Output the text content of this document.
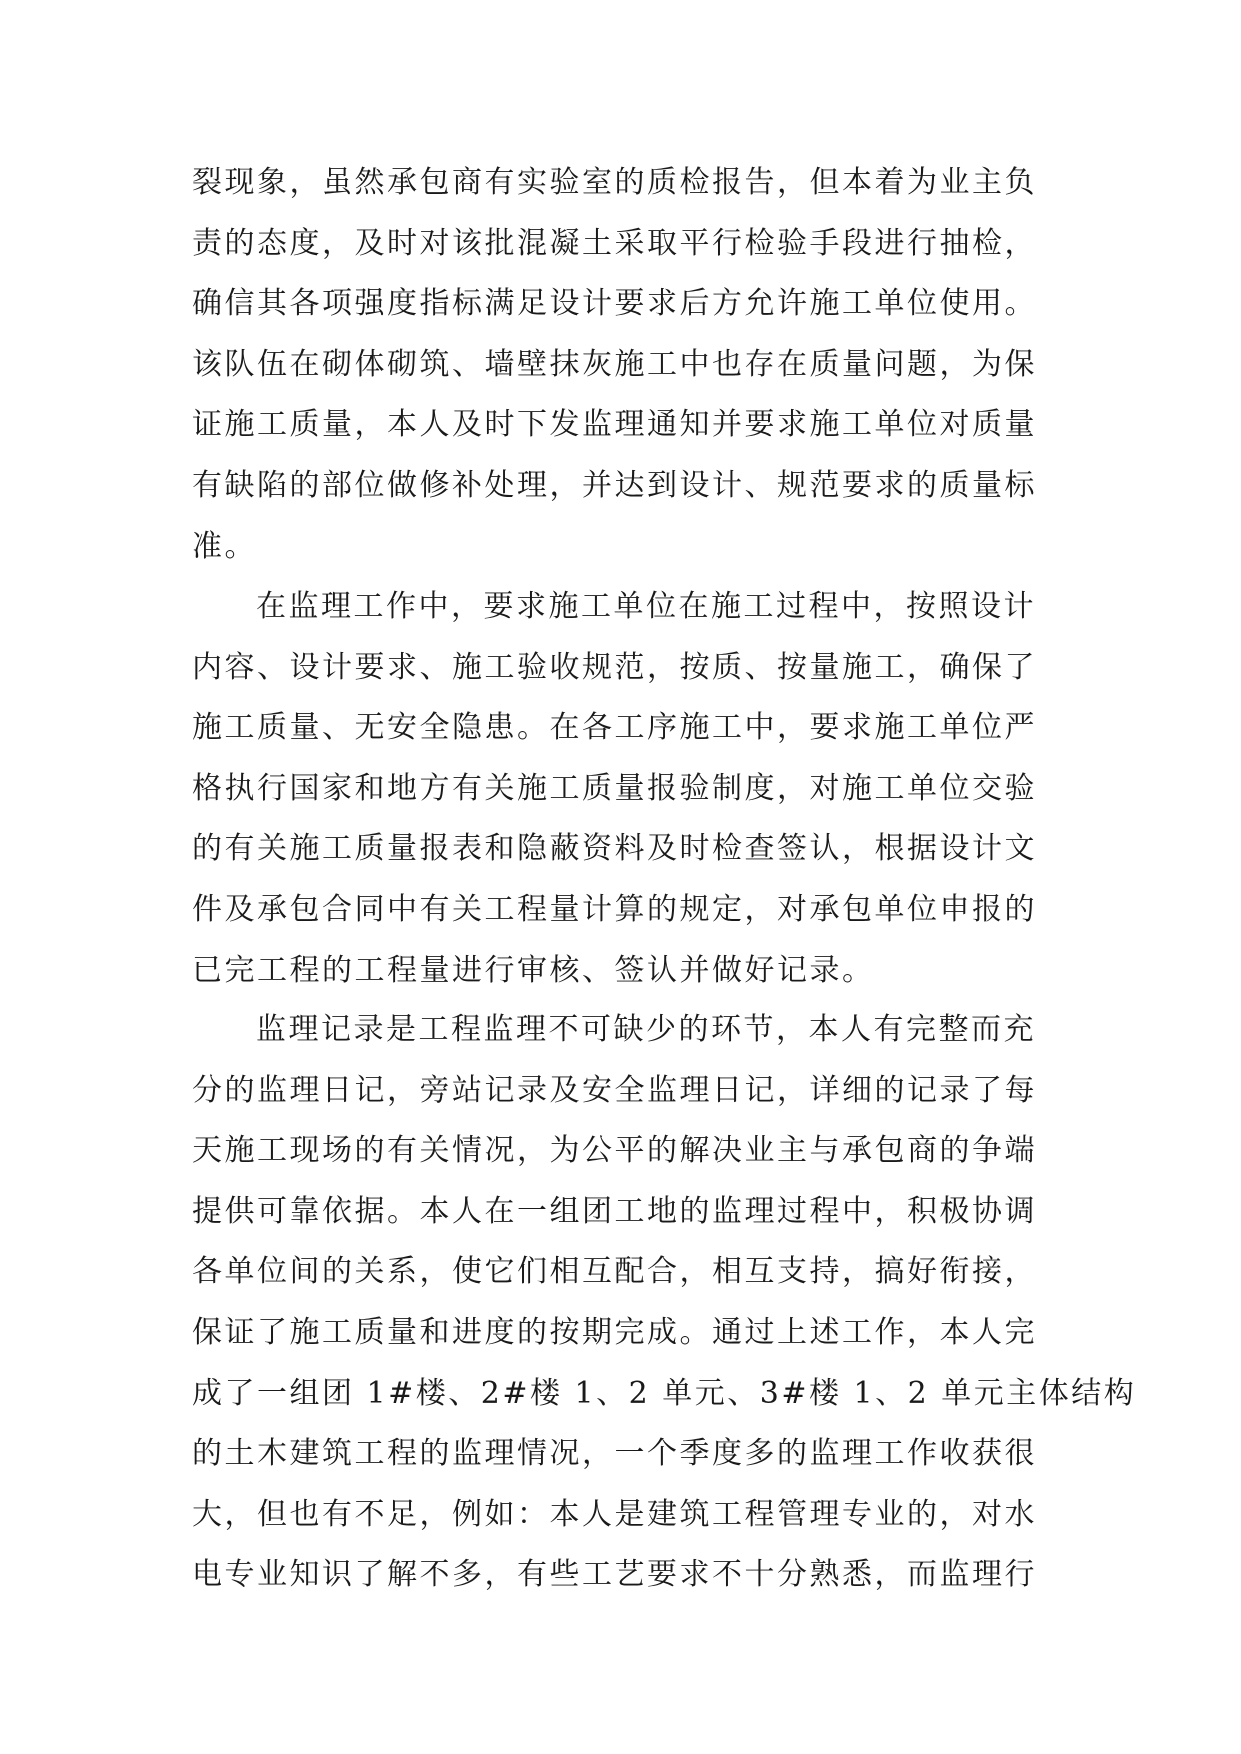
裂现象，虽然承包商有实验室的质检报告，但本着为业主负
责的态度，及时对该批混凝土采取平行检验手段进行抽检，
确信其各项强度指标满足设计要求后方允许施工单位使用。
该队伍在砌体砌筑、墙壁抹灰施工中也存在质量问题，为保
证施工质量，本人及时下发监理通知并要求施工单位对质量
有缺陷的部位做修补处理，并达到设计、规范要求的质量标
准。
在监理工作中，要求施工单位在施工过程中，按照设计
内容、设计要求、施工验收规范，按质、按量施工，确保了
施工质量、无安全隐患。在各工序施工中，要求施工单位严
格执行国家和地方有关施工质量报验制度，对施工单位交验
的有关施工质量报表和隐蔽资料及时检查签认，根据设计文
件及承包合同中有关工程量计算的规定，对承包单位申报的
已完工程的工程量进行审核、签认并做好记录。
监理记录是工程监理不可缺少的环节，本人有完整而充
分的监理日记，旁站记录及安全监理日记，详细的记录了每
天施工现场的有关情况，为公平的解决业主与承包商的争端
提供可靠依据。本人在一组团工地的监理过程中，积极协调
各单位间的关系，使它们相互配合，相互支持，搞好衔接，
保证了施工质量和进度的按期完成。通过上述工作，本人完
成了一组团 1#楼、2#楼 1、2 单元、3#楼 1、2 单元主体结构
的土木建筑工程的监理情况，一个季度多的监理工作收获很
大，但也有不足，例如：本人是建筑工程管理专业的，对水
电专业知识了解不多，有些工艺要求不十分熟悉，而监理行
